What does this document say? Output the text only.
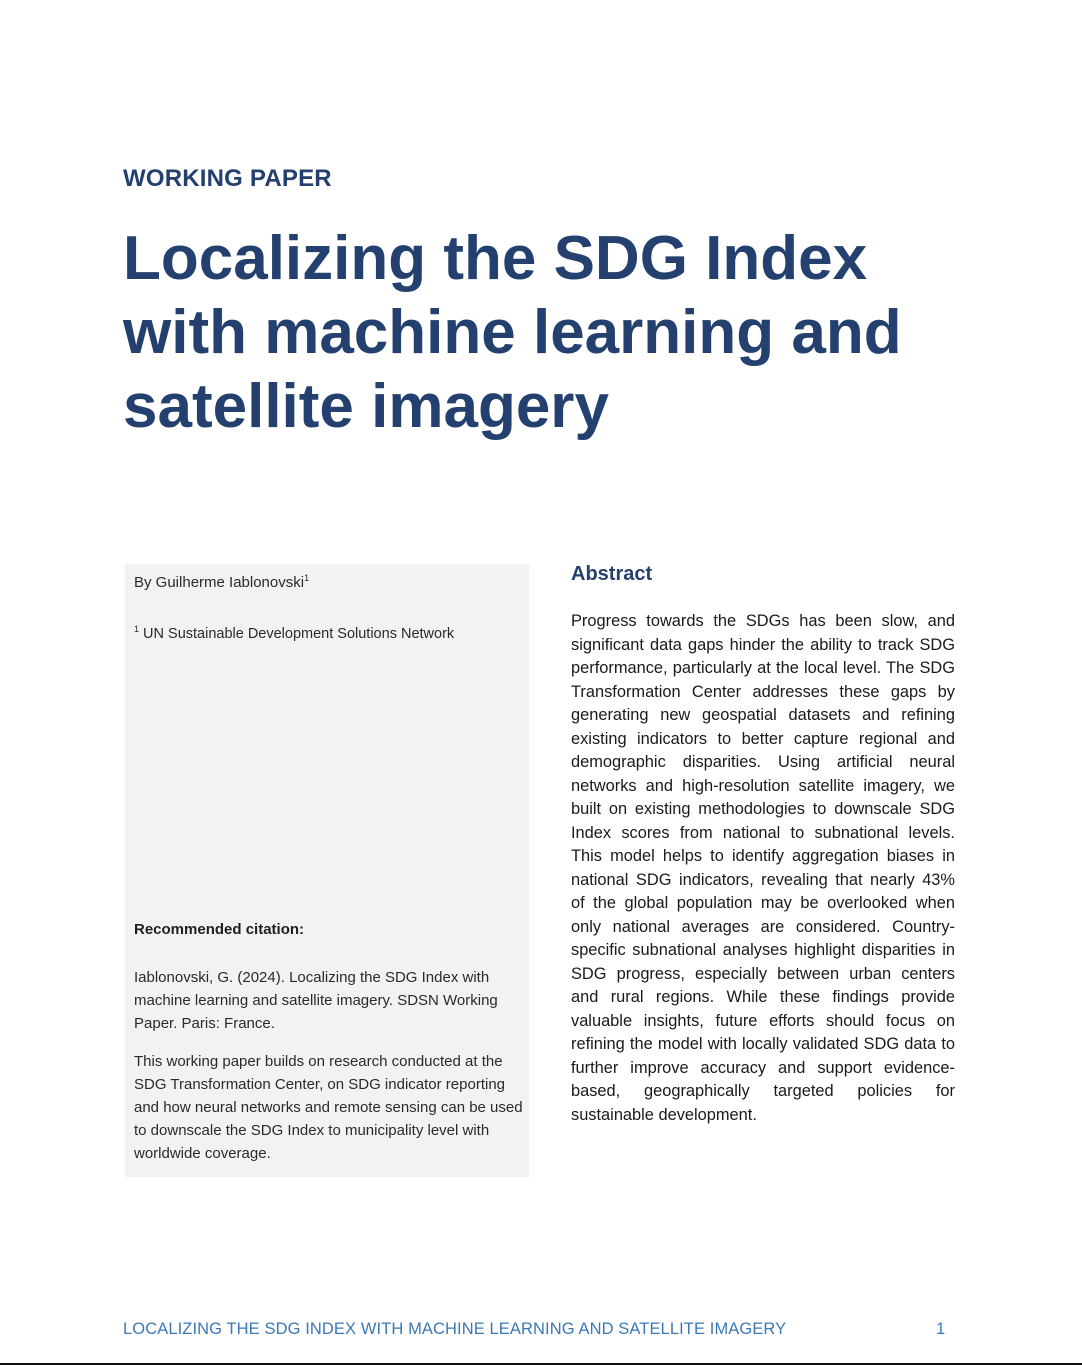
WORKING PAPER
Localizing the SDG Index with machine learning and satellite imagery
By Guilherme Iablonovski$^1$
$^1$ UN Sustainable Development Solutions Network
Recommended citation:
Iablonovski, G. (2024). Localizing the SDG Index with machine learning and satellite imagery. SDSN Working Paper. Paris: France.
This working paper builds on research conducted at the SDG Transformation Center, on SDG indicator reporting and how neural networks and remote sensing can be used to downscale the SDG Index to municipality level with worldwide coverage.
Abstract

Progress towards the SDGs has been slow, and significant data gaps hinder the ability to track SDG performance, particularly at the local level. The SDG Transformation Center addresses these gaps by generating new geospatial datasets and refining existing indicators to better capture regional and demographic disparities. Using artificial neural networks and high-resolution satellite imagery, we built on existing methodologies to downscale SDG Index scores from national to subnational levels. This model helps to identify aggregation biases in national SDG indicators, revealing that nearly 43% of the global population may be overlooked when only national averages are considered. Country-specific subnational analyses highlight disparities in SDG progress, especially between urban centers and rural regions. While these findings provide valuable insights, future efforts should focus on refining the model with locally validated SDG data to further improve accuracy and support evidence-based, geographically targeted policies for sustainable development.

LOCALIZING THE SDG INDEX WITH MACHINE LEARNING AND SATELLITE IMAGERY	1
